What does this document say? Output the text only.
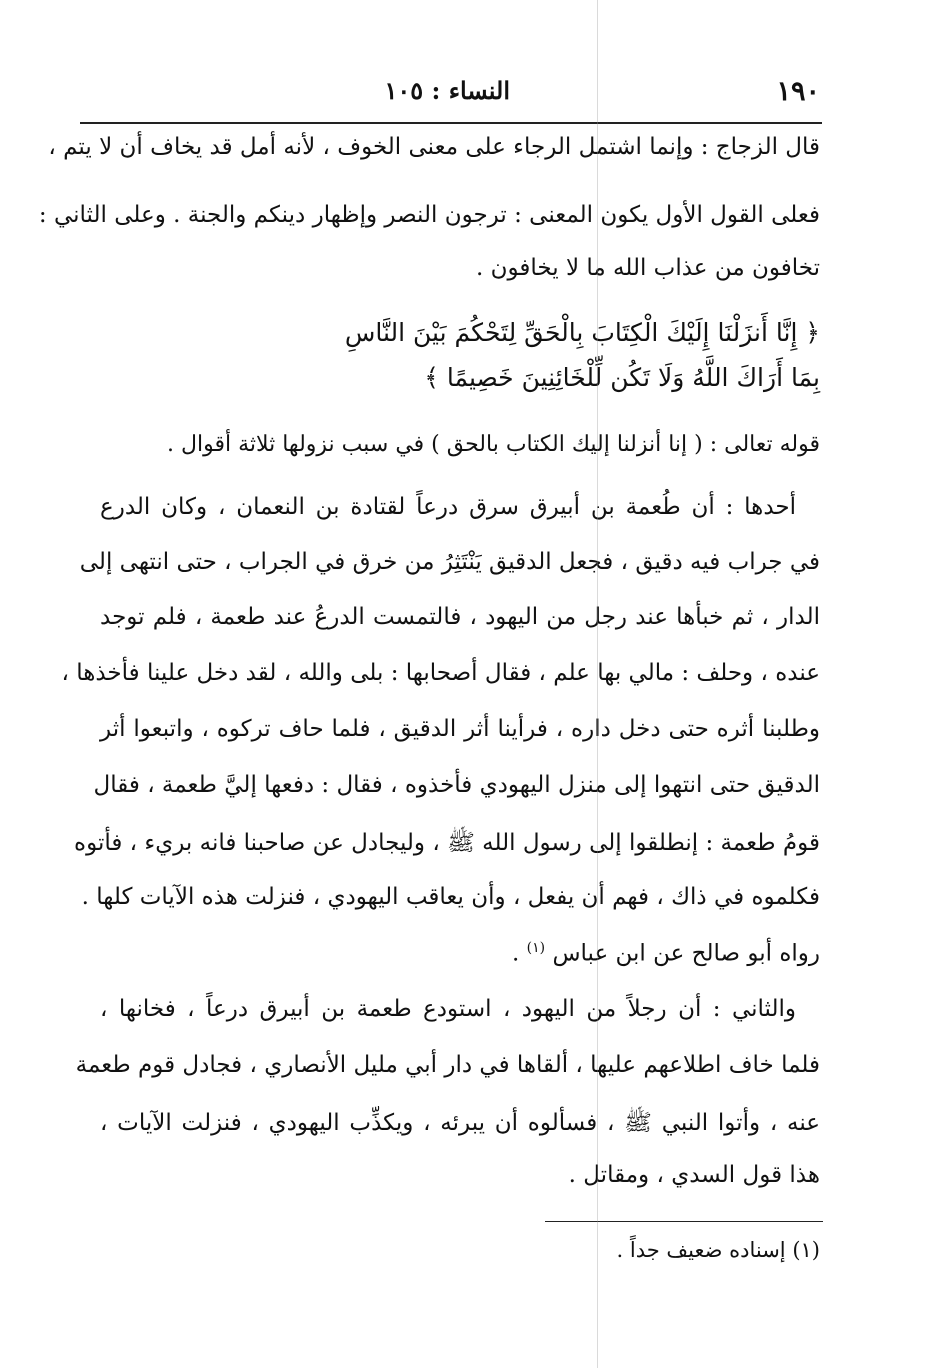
١٩٠
النساء : ١٠٥
قال الزجاج : وإنما اشتمل الرجاء على معنى الخوف ، لأنه أمل قد يخاف أن لا يتم ،
فعلى القول الأول يكون المعنى : ترجون النصر وإظهار دينكم والجنة . وعلى الثاني :
تخافون من عذاب الله ما لا يخافون .
﴿ إِنَّا أَنزَلْنَا إِلَيْكَ الْكِتَابَ بِالْحَقِّ لِتَحْكُمَ بَيْنَ النَّاسِ
بِمَا أَرَاكَ اللَّهُ وَلَا تَكُن لِّلْخَائِنِينَ خَصِيمًا ﴾
قوله تعالى : ( إنا أنزلنا إليك الكتاب بالحق ) في سبب نزولها ثلاثة أقوال .
أحدها : أن طُعمة بن أبيرق سرق درعاً لقتادة بن النعمان ، وكان الدرع
في جراب فيه دقيق ، فجعل الدقيق يَنْتَثِرُ من خرق في الجراب ، حتى انتهى إلى
الدار ، ثم خبأها عند رجل من اليهود ، فالتمست الدرعُ عند طعمة ، فلم توجد
عنده ، وحلف : مالي بها علم ، فقال أصحابها : بلى والله ، لقد دخل علينا فأخذها ،
وطلبنا أثره حتى دخل داره ، فرأينا أثر الدقيق ، فلما حاف تركوه ، واتبعوا أثر
الدقيق حتى انتهوا إلى منزل اليهودي فأخذوه ، فقال : دفعها إليَّ طعمة ، فقال
قومُ طعمة : إنطلقوا إلى رسول الله ﷺ ، وليجادل عن صاحبنا فانه بريء ، فأتوه
فكلموه في ذاك ، فهم أن يفعل ، وأن يعاقب اليهودي ، فنزلت هذه الآيات كلها .
رواه أبو صالح عن ابن عباس $^{(١)}$ .
والثاني : أن رجلاً من اليهود ، استودع طعمة بن أبيرق درعاً ، فخانها ،
فلما خاف اطلاعهم عليها ، ألقاها في دار أبي مليل الأنصاري ، فجادل قوم طعمة
عنه ، وأتوا النبي ﷺ ، فسألوه أن يبرئه ، ويكذِّب اليهودي ، فنزلت الآيات ،
هذا قول السدي ، ومقاتل .
(١) إسناده ضعيف جداً .
